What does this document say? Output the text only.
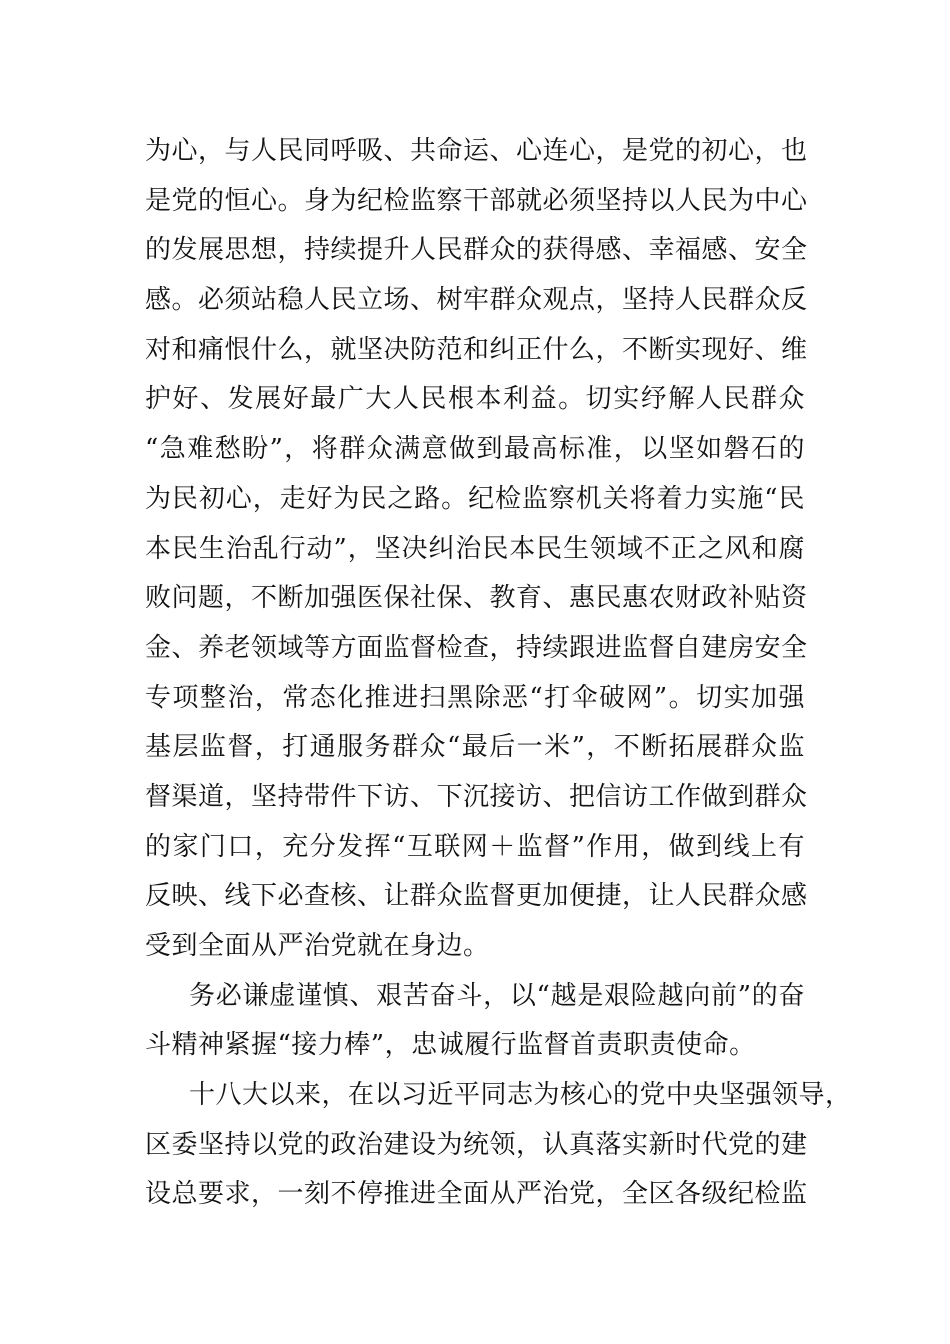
为心，与人民同呼吸、共命运、心连心，是党的初心，也
是党的恒心。身为纪检监察干部就必须坚持以人民为中心
的发展思想，持续提升人民群众的获得感、幸福感、安全
感。必须站稳人民立场、树牢群众观点，坚持人民群众反
对和痛恨什么，就坚决防范和纠正什么，不断实现好、维
护好、发展好最广大人民根本利益。切实纾解人民群众
“急难愁盼”，将群众满意做到最高标准，以坚如磐石的
为民初心，走好为民之路。纪检监察机关将着力实施“民
本民生治乱行动”，坚决纠治民本民生领域不正之风和腐
败问题，不断加强医保社保、教育、惠民惠农财政补贴资
金、养老领域等方面监督检查，持续跟进监督自建房安全
专项整治，常态化推进扫黑除恶“打伞破网”。切实加强
基层监督，打通服务群众“最后一米”，不断拓展群众监
督渠道，坚持带件下访、下沉接访、把信访工作做到群众
的家门口，充分发挥“互联网＋监督”作用，做到线上有
反映、线下必查核、让群众监督更加便捷，让人民群众感
受到全面从严治党就在身边。
务必谦虚谨慎、艰苦奋斗，以“越是艰险越向前”的奋
斗精神紧握“接力棒”，忠诚履行监督首责职责使命。
十八大以来，在以习近平同志为核心的党中央坚强领导，
区委坚持以党的政治建设为统领，认真落实新时代党的建
设总要求，一刻不停推进全面从严治党，全区各级纪检监
